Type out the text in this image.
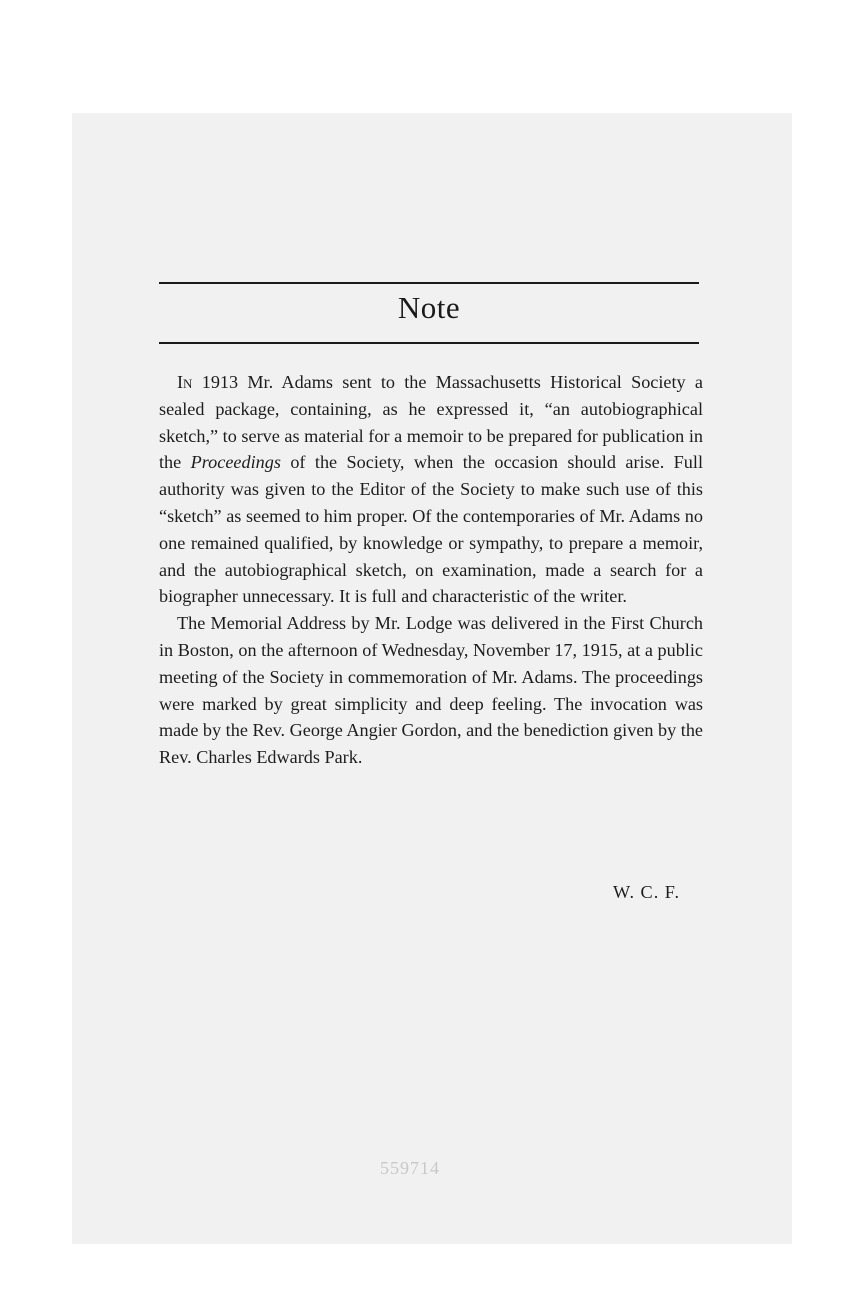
Note

In 1913 Mr. Adams sent to the Massachusetts Historical Society a sealed package, containing, as he expressed it, “an autobiographical sketch,” to serve as material for a memoir to be prepared for publication in the Proceedings of the Society, when the occasion should arise. Full authority was given to the Editor of the Society to make such use of this “sketch” as seemed to him proper. Of the contemporaries of Mr. Adams no one remained qualified, by knowledge or sympathy, to prepare a memoir, and the autobiographical sketch, on examination, made a search for a biographer unnecessary. It is full and characteristic of the writer.

The Memorial Address by Mr. Lodge was delivered in the First Church in Boston, on the afternoon of Wednesday, November 17, 1915, at a public meeting of the Society in commemoration of Mr. Adams. The proceedings were marked by great simplicity and deep feeling. The invocation was made by the Rev. George Angier Gordon, and the benediction given by the Rev. Charles Edwards Park.

W. C. F.
559714
